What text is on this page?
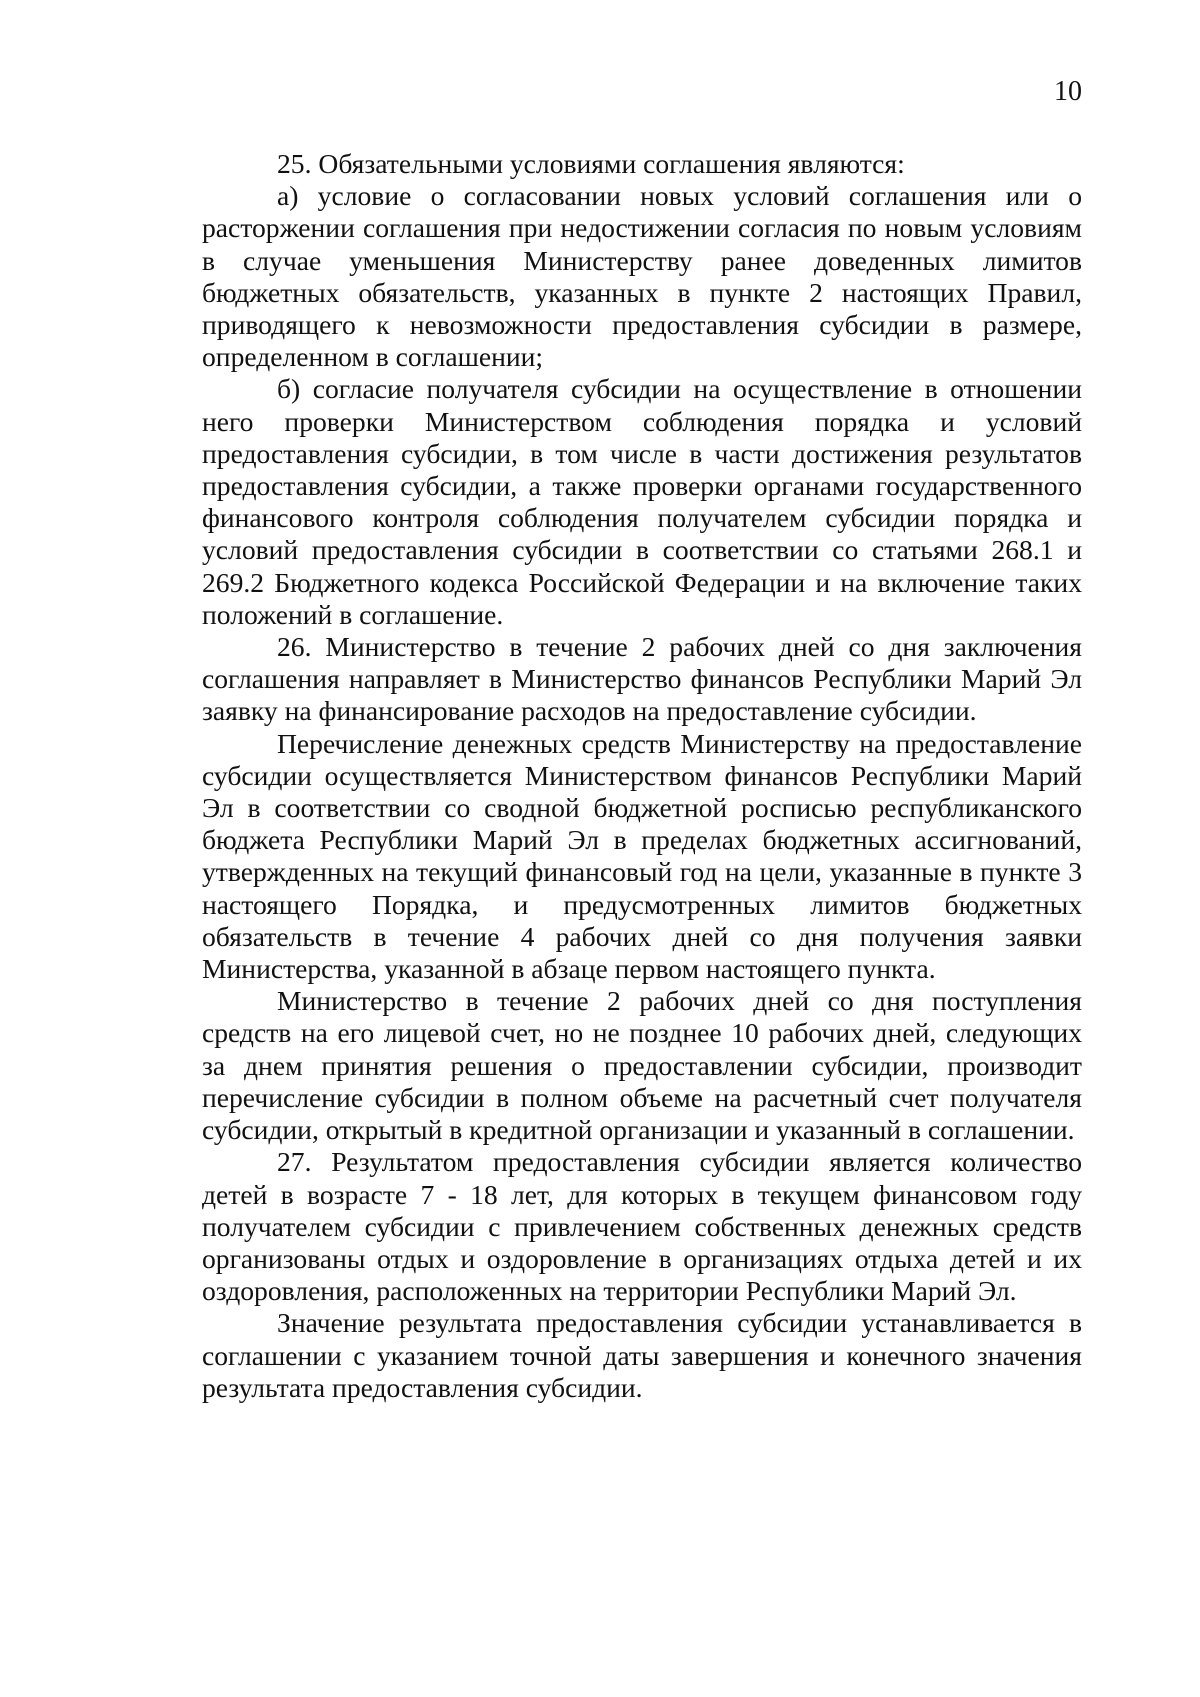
10

25. Обязательными условиями соглашения являются:

а) условие о согласовании новых условий соглашения или о расторжении соглашения при недостижении согласия по новым условиям в случае уменьшения Министерству ранее доведенных лимитов бюджетных обязательств, указанных в пункте 2 настоящих Правил, приводящего к невозможности предоставления субсидии в размере, определенном в соглашении;

б) согласие получателя субсидии на осуществление в отношении него проверки Министерством соблюдения порядка и условий предоставления субсидии, в том числе в части достижения результатов предоставления субсидии, а также проверки органами государственного финансового контроля соблюдения получателем субсидии порядка и условий предоставления субсидии в соответствии со статьями 268.1 и 269.2 Бюджетного кодекса Российской Федерации и на включение таких положений в соглашение.

26. Министерство в течение 2 рабочих дней со дня заключения соглашения направляет в Министерство финансов Республики Марий Эл заявку на финансирование расходов на предоставление субсидии.

Перечисление денежных средств Министерству на предоставление субсидии осуществляется Министерством финансов Республики Марий Эл в соответствии со сводной бюджетной росписью республиканского бюджета Республики Марий Эл в пределах бюджетных ассигнований, утвержденных на текущий финансовый год на цели, указанные в пункте 3 настоящего Порядка, и предусмотренных лимитов бюджетных обязательств в течение 4 рабочих дней со дня получения заявки Министерства, указанной в абзаце первом настоящего пункта.

Министерство в течение 2 рабочих дней со дня поступления средств на его лицевой счет, но не позднее 10 рабочих дней, следующих за днем принятия решения о предоставлении субсидии, производит перечисление субсидии в полном объеме на расчетный счет получателя субсидии, открытый в кредитной организации и указанный в соглашении.

27. Результатом предоставления субсидии является количество детей в возрасте 7 - 18 лет, для которых в текущем финансовом году получателем субсидии с привлечением собственных денежных средств организованы отдых и оздоровление в организациях отдыха детей и их оздоровления, расположенных на территории Республики Марий Эл.

Значение результата предоставления субсидии устанавливается в соглашении с указанием точной даты завершения и конечного значения результата предоставления субсидии.
